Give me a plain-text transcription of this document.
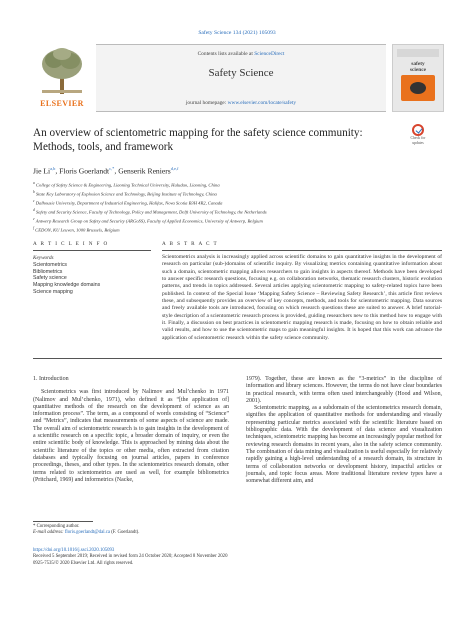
Safety Science 134 (2021) 105093
ELSEVIER
Contents lists available at ScienceDirect
Safety Science
journal homepage: www.elsevier.com/locate/safety
safety
science
An overview of scientometric mapping for the safety science community:
Methods, tools, and framework
Check for
updates
Jie Li$^{a,b}$, Floris Goerlandt$^{c,*}$, Genserik Reniers$^{d,e,f}$
$^a$ College of Safety Science & Engineering, Liaoning Technical University, Huludao, Liaoning, China
$^b$ State Key Laboratory of Explosion Science and Technology, Beijing Institute of Technology, China
$^c$ Dalhousie University, Department of Industrial Engineering, Halifax, Nova Scotia B3H 4R2, Canada
$^d$ Safety and Security Science, Faculty of Technology, Policy and Management, Delft University of Technology, the Netherlands
$^e$ Antwerp Research Group on Safety and Security (ARGoSS), Faculty of Applied Economics, University of Antwerp, Belgium
$^f$ CEDON, KU Leuven, 1000 Brussels, Belgium
A R T I C L E I N F O
Keywords
Scientometrics
Bibliometrics
Safety science
Mapping knowledge domains
Science mapping
A B S T R A C T
Scientometrics analysis is increasingly applied across scientific domains to gain quantitative insights in the development of research on particular (sub-)domains of scientific inquiry. By visualizing metrics containing quantitative information about such a domain, scientometric mapping allows researchers to gain insights in aspects thereof. Methods have been developed to answer specific research questions, focusing e.g. on collaboration networks, thematic research clusters, historic evolution patterns, and trends in topics addressed. Several articles applying scientometric mapping to safety-related topics have been published. In context of the Special Issue ‘Mapping Safety Science – Reviewing Safety Research’, this article first reviews these, and subsequently provides an overview of key concepts, methods, and tools for scientometric mapping. Data sources and freely available tools are introduced, focusing on which research questions these are suited to answer. A brief tutorial-style description of a scientometric research process is provided, guiding researchers new to this method how to engage with it. Finally, a discussion on best practices in scientometric mapping research is made, focusing on how to obtain reliable and valid results, and how to use the scientometric maps to gain meaningful insights. It is hoped that this work can advance the application of scientometric research within the safety science community.
1. Introduction

Scientometrics was first introduced by Nalimov and Mul’chenko in 1971 (Nalimov and Mul’chenko, 1971), who defined it as “[the application of] quantitative methods of the research on the development of science as an information process”. The term, as a compound of words consisting of “Science” and “Metrics”, indicates that measurements of some aspects of science are made. The overall aim of scientometric research is to gain insights in the development of a scientific research on a specific topic, a broader domain of inquiry, or even the entire scientific body of knowledge. This is approached by mining data about the scientific literature of the topics or other media, often extracted from citation databases and typically focusing on journal articles, papers in conference proceedings, theses, and other types. In the scientometrics research domain, other terms related to scientometrics are used as well, for example bibliometrics (Pritchard, 1969) and informetrics (Nacke,

1979). Together, these are known as the “3-metrics” in the discipline of information and library sciences. However, the terms do not have clear boundaries in practical research, with terms often used interchangeably (Hood and Wilson, 2001).

Scientometric mapping, as a subdomain of the scientometrics research domain, signifies the application of quantitative methods for understanding and visually representing particular metrics associated with the scientific literature based on bibliographic data. With the development of data science and visualization techniques, scientometric mapping has become an increasingly popular method for reviewing research domains in recent years, also in the safety science community. The combination of data mining and visualization is useful especially for relatively rapidly gaining a high-level understanding of a research domain, its structure in terms of collaboration networks or development history, impactful articles or journals, and topic focus areas. More traditional literature review types have a somewhat different aim, and

* Corresponding author.
E-mail address: floris.goerlandt@dal.ca (F. Goerlandt).
https://doi.org/10.1016/j.ssci.2020.105093
Received 5 September 2019; Received in revised form 24 October 2020; Accepted 8 November 2020
0925-7535/© 2020 Elsevier Ltd. All rights reserved.
